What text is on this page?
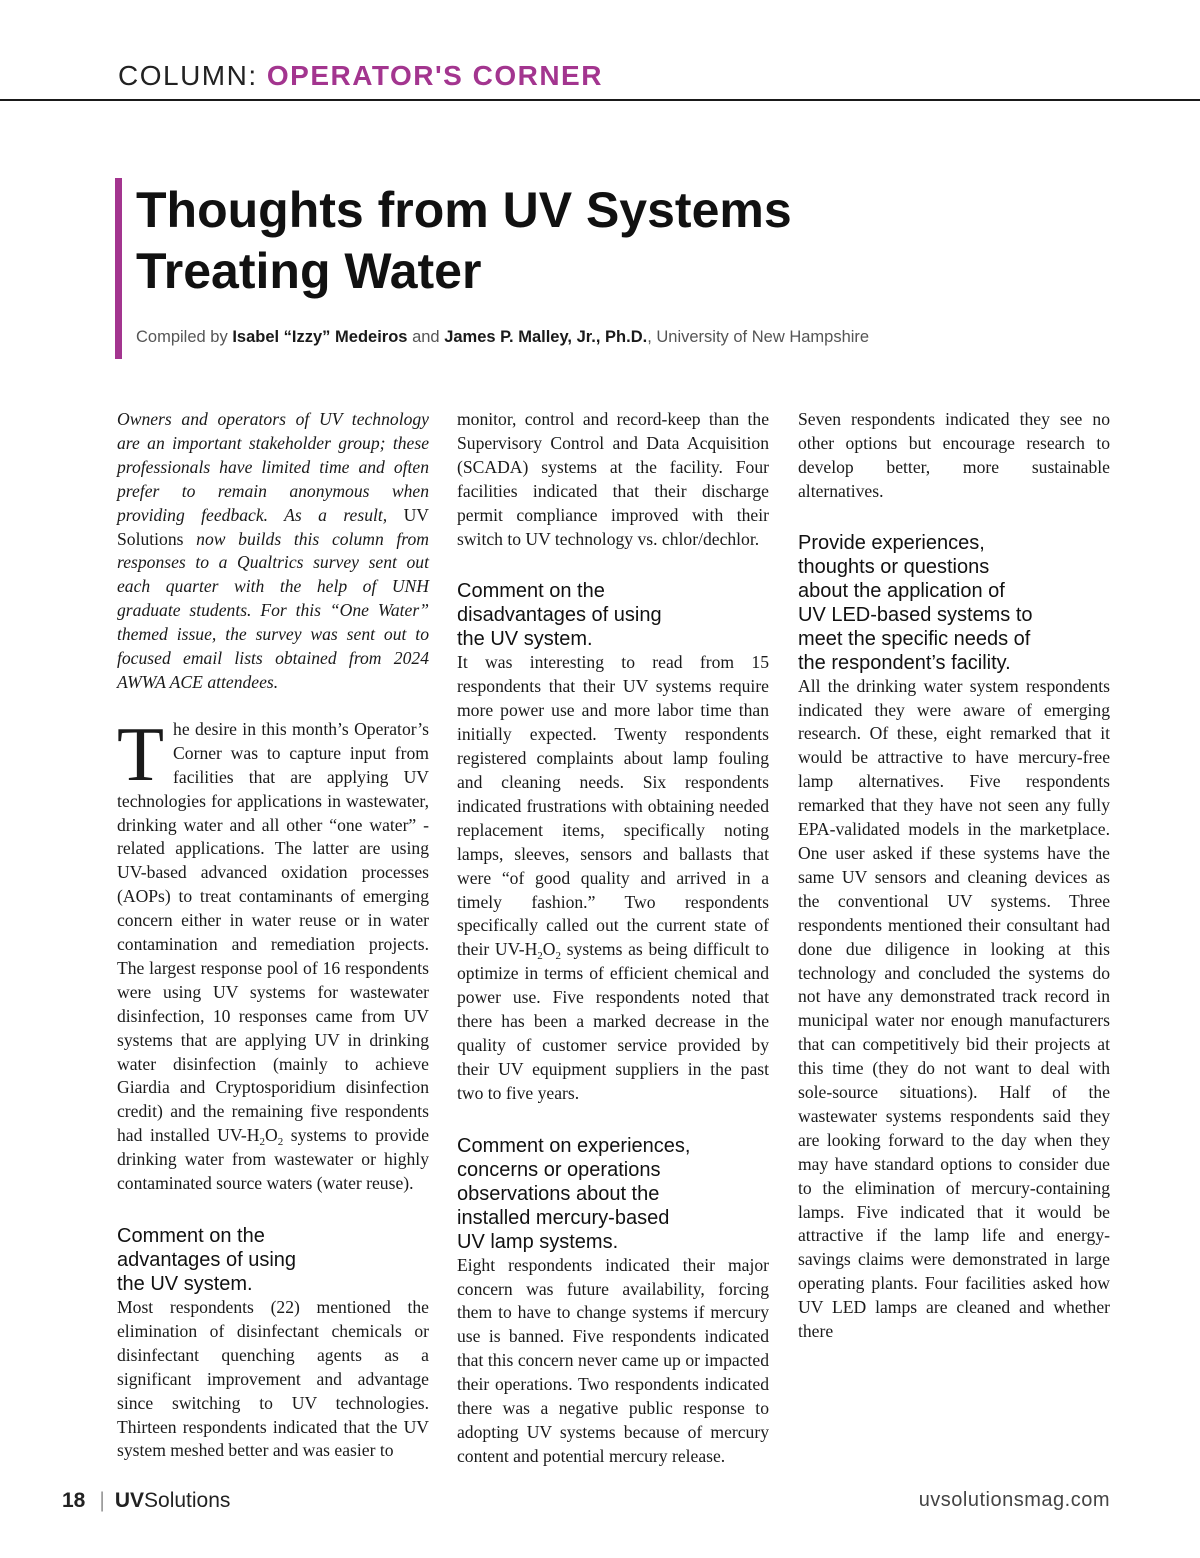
COLUMN: OPERATOR'S CORNER
Thoughts from UV Systems
Treating Water
Compiled by Isabel “Izzy” Medeiros and James P. Malley, Jr., Ph.D., University of New Hampshire

Owners and operators of UV technology are an important stakeholder group; these professionals have limited time and often prefer to remain anonymous when providing feedback. As a result, UV Solutions now builds this column from responses to a Qualtrics survey sent out each quarter with the help of UNH graduate students. For this “One Water” themed issue, the survey was sent out to focused email lists obtained from 2024 AWWA ACE attendees.

The desire in this month’s Operator’s Corner was to capture input from facilities that are applying UV technologies for applications in wastewater, drinking water and all other “one water” -related applications. The latter are using UV-based advanced oxidation processes (AOPs) to treat contaminants of emerging concern either in water reuse or in water contamination and remediation projects. The largest response pool of 16 respondents were using UV systems for wastewater disinfection, 10 responses came from UV systems that are applying UV in drinking water disinfection (mainly to achieve Giardia and Cryptosporidium disinfection credit) and the remaining five respondents had installed $UV-H_2O_2$ systems to provide drinking water from wastewater or highly contaminated source waters (water reuse).

Comment on the
advantages of using
the UV system.

Most respondents (22) mentioned the elimination of disinfectant chemicals or disinfectant quenching agents as a significant improvement and advantage since switching to UV technologies. Thirteen respondents indicated that the UV system meshed better and was easier to

monitor, control and record-keep than the Supervisory Control and Data Acquisition (SCADA) systems at the facility. Four facilities indicated that their discharge permit compliance improved with their switch to UV technology vs. chlor/dechlor.

Comment on the
disadvantages of using
the UV system.

It was interesting to read from 15 respondents that their UV systems require more power use and more labor time than initially expected. Twenty respondents registered complaints about lamp fouling and cleaning needs. Six respondents indicated frustrations with obtaining needed replacement items, specifically noting lamps, sleeves, sensors and ballasts that were “of good quality and arrived in a timely fashion.” Two respondents specifically called out the current state of their $UV-H_2O_2$ systems as being difficult to optimize in terms of efficient chemical and power use. Five respondents noted that there has been a marked decrease in the quality of customer service provided by their UV equipment suppliers in the past two to five years.

Comment on experiences,
concerns or operations
observations about the
installed mercury-based
UV lamp systems.

Eight respondents indicated their major concern was future availability, forcing them to have to change systems if mercury use is banned. Five respondents indicated that this concern never came up or impacted their operations. Two respondents indicated there was a negative public response to adopting UV systems because of mercury content and potential mercury release.

Seven respondents indicated they see no other options but encourage research to develop better, more sustainable alternatives.

Provide experiences,
thoughts or questions
about the application of
UV LED-based systems to
meet the specific needs of
the respondent’s facility.

All the drinking water system respondents indicated they were aware of emerging research. Of these, eight remarked that it would be attractive to have mercury-free lamp alternatives. Five respondents remarked that they have not seen any fully EPA-validated models in the marketplace. One user asked if these systems have the same UV sensors and cleaning devices as the conventional UV systems. Three respondents mentioned their consultant had done due diligence in looking at this technology and concluded the systems do not have any demonstrated track record in municipal water nor enough manufacturers that can competitively bid their projects at this time (they do not want to deal with sole-source situations). Half of the wastewater systems respondents said they are looking forward to the day when they may have standard options to consider due to the elimination of mercury-containing lamps. Five indicated that it would be attractive if the lamp life and energy-savings claims were demonstrated in large operating plants. Four facilities asked how UV LED lamps are cleaned and whether there

18 | UVSolutions	uvsolutionsmag.com
